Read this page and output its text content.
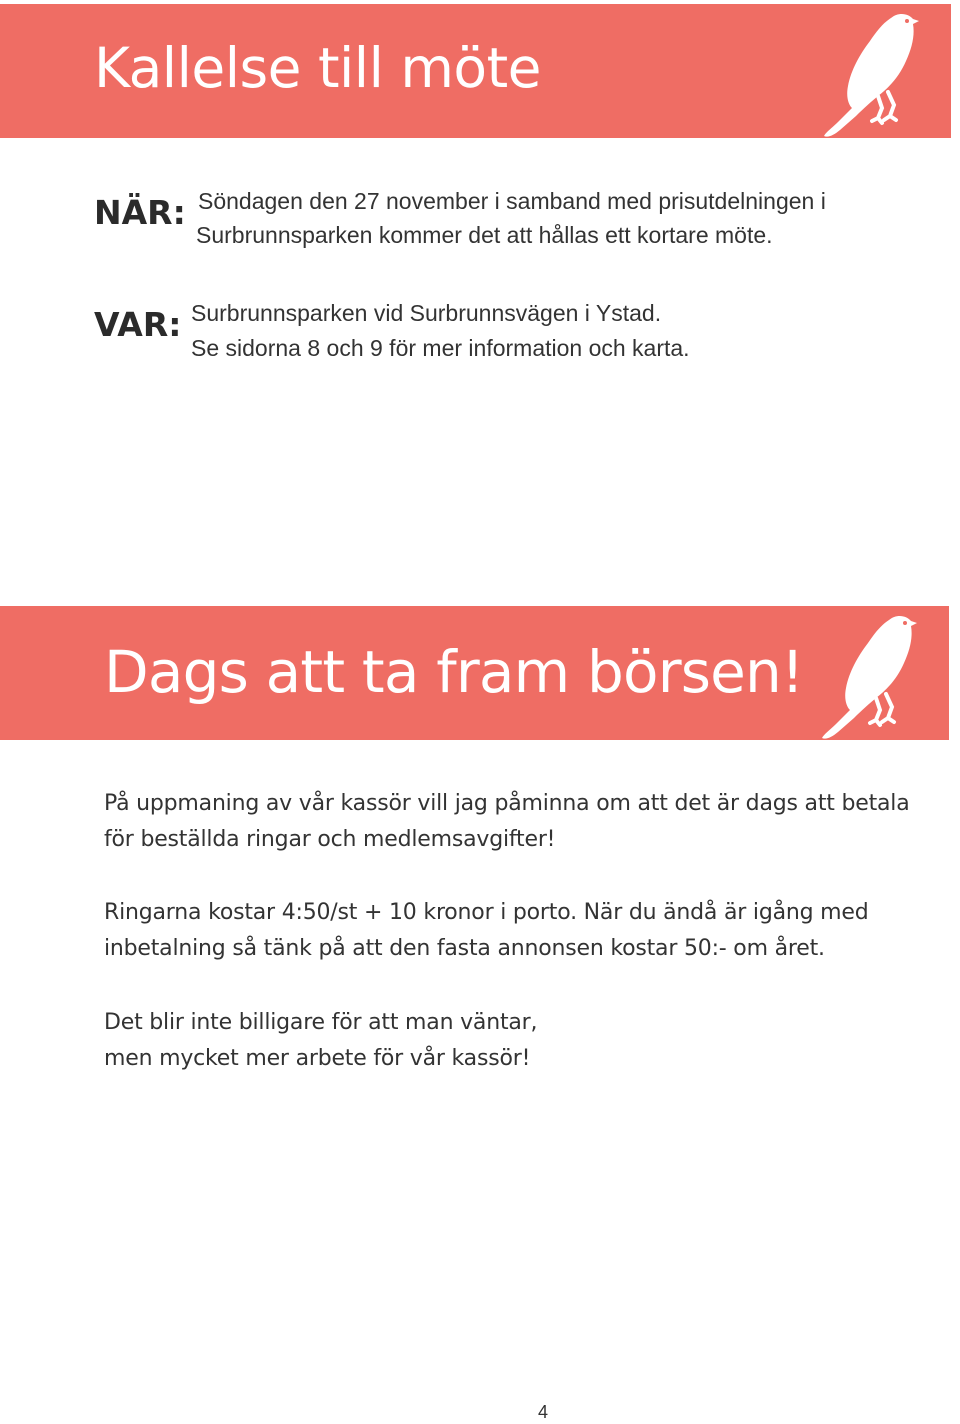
Kallelse till möte
NÄR: Söndagen den 27 november i samband med prisutdelningen i
Surbrunnsparken kommer det att hållas ett kortare möte.
VAR: Surbrunnsparken vid Surbrunnsvägen i Ystad.
Se sidorna 8 och 9 för mer information och karta.
Dags att ta fram börsen!
På uppmaning av vår kassör vill jag påminna om att det är dags att betala
för beställda ringar och medlemsavgifter!
Ringarna kostar 4:50/st + 10 kronor i porto. När du ändå är igång med
inbetalning så tänk på att den fasta annonsen kostar 50:- om året.
Det blir inte billigare för att man väntar,
men mycket mer arbete för vår kassör!
4
